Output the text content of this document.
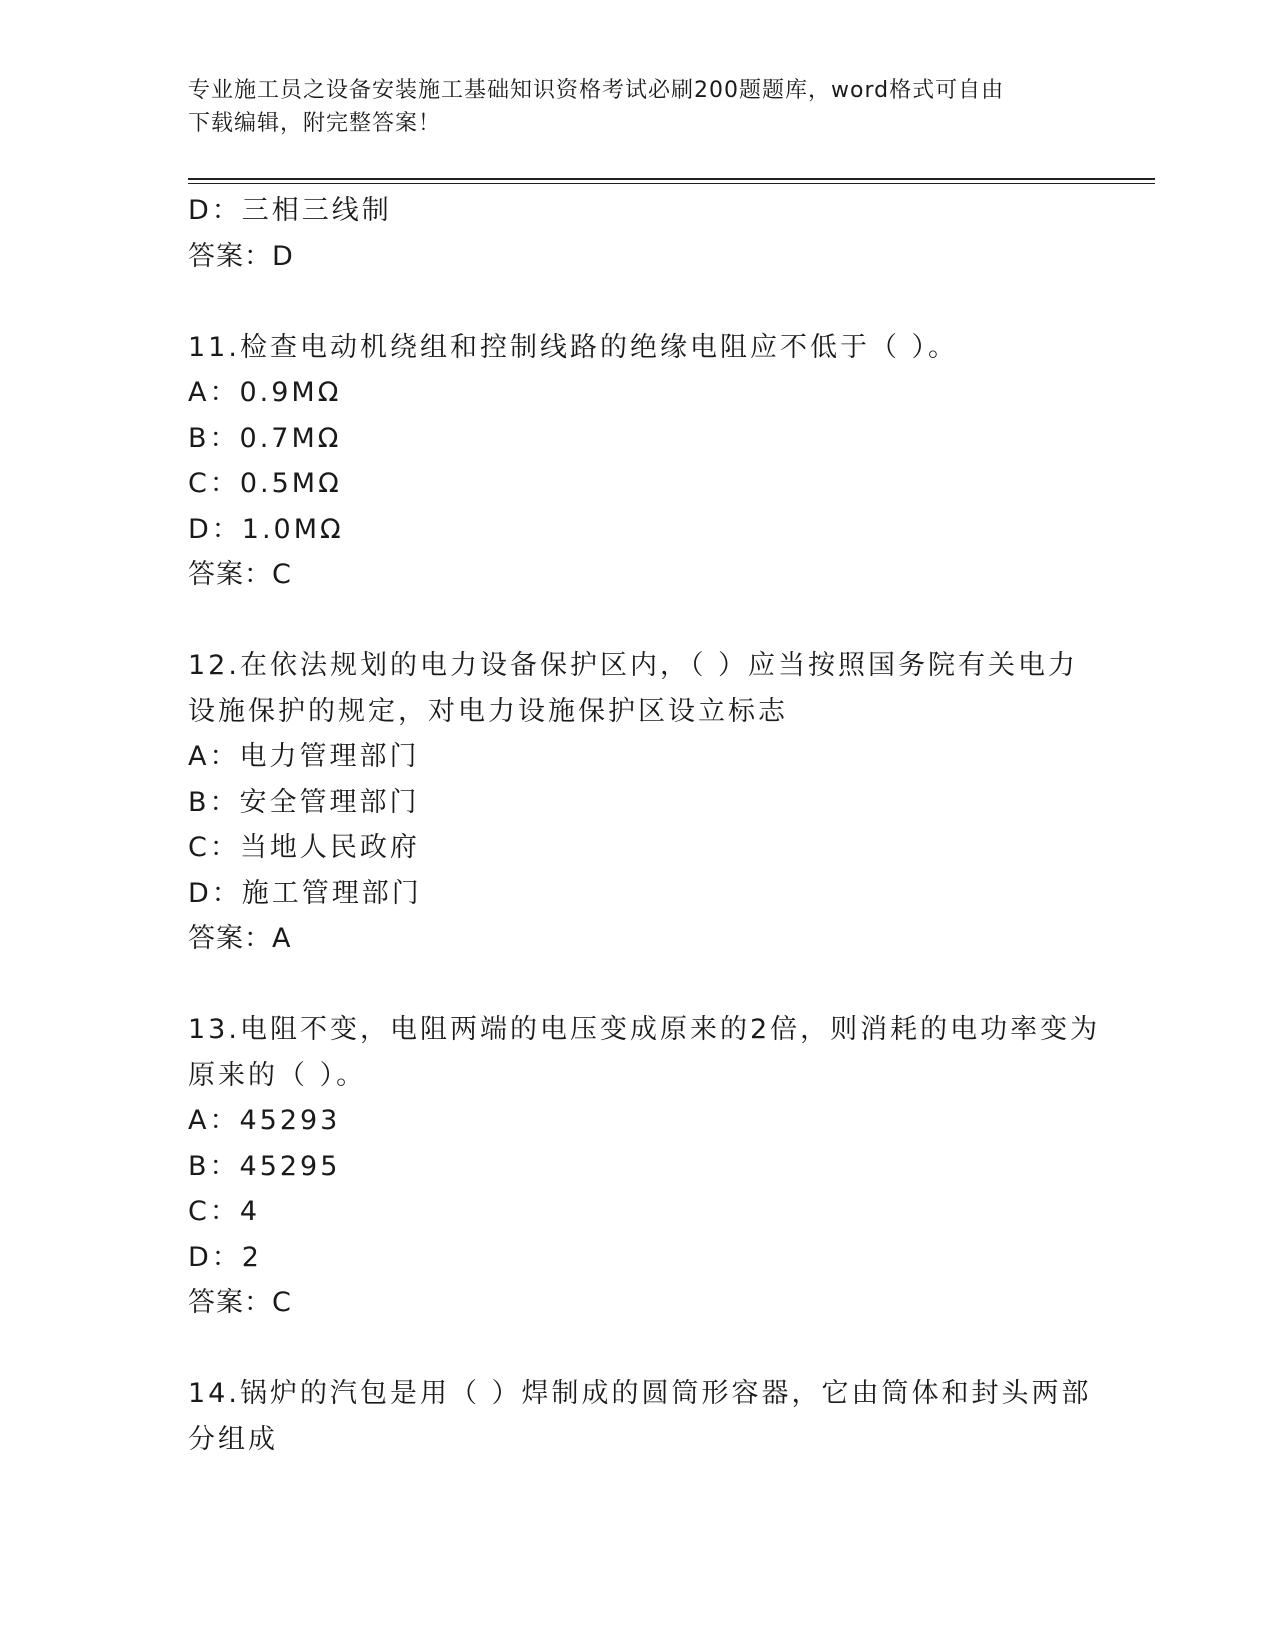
专业施工员之设备安装施工基础知识资格考试必刷200题题库，word格式可自由
下载编辑，附完整答案！
D：三相三线制
答案：D
11.检查电动机绕组和控制线路的绝缘电阻应不低于（ ）。
A：0.9MΩ
B：0.7MΩ
C：0.5MΩ
D：1.0MΩ
答案：C
12.在依法规划的电力设备保护区内，（ ）应当按照国务院有关电力
设施保护的规定，对电力设施保护区设立标志
A：电力管理部门
B：安全管理部门
C：当地人民政府
D：施工管理部门
答案：A
13.电阻不变，电阻两端的电压变成原来的2倍，则消耗的电功率变为
原来的（ ）。
A：45293
B：45295
C：4
D：2
答案：C
14.锅炉的汽包是用（ ）焊制成的圆筒形容器，它由筒体和封头两部
分组成
